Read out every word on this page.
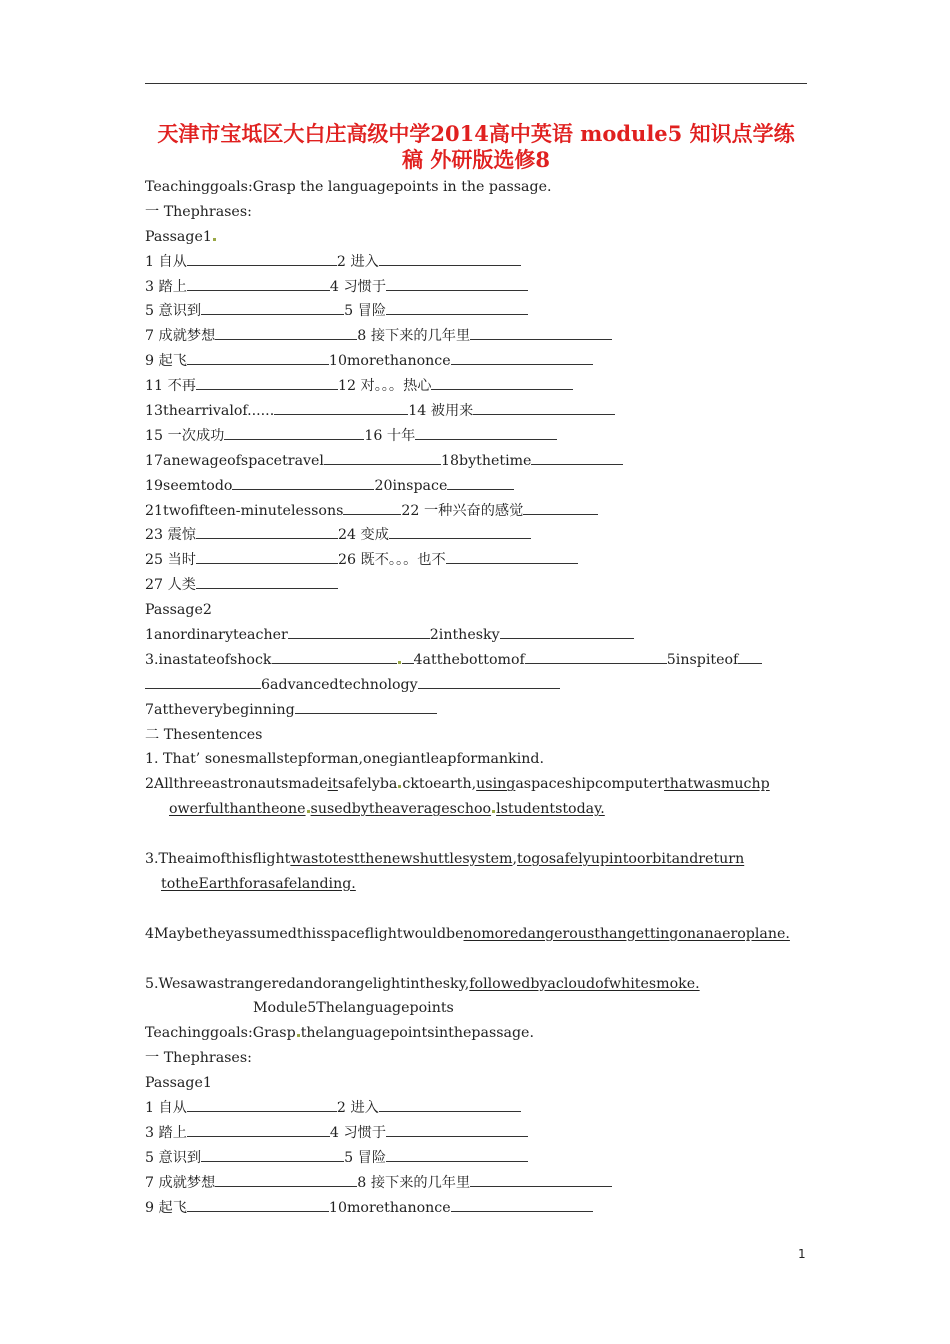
天津市宝坻区大白庄高级中学2014高中英语 module5 知识点学练
稿 外研版选修8
Teachinggoals:Grasp the languagepoints in the passage.
一 Thephrases:
Passage1
1 自从	2 进入
3 踏上	4 习惯于
5 意识到	5 冒险
7 成就梦想	8 接下来的几年里
9 起飞	10morethanonce
11 不再	12 对。。。热心
13thearrivalof......	14 被用来
15 一次成功	16 十年
17anewageofspacetravel	18bythetime
19seemtodo	20inspace
21twofifteen-minutelessons	22 一种兴奋的感觉
23 震惊	24 变成
25 当时	26 既不。。。也不
27 人类
Passage2
1anordinaryteacher	2inthesky
3.inastateofshock	4atthebottomof	5inspiteof
6advancedtechnology
7attheverybeginning
二 Thesentences
1. That’ sonesmallstepforman,onegiantleapformankind.
2Allthreeastronautsmadeitsafelyba cktoearth,usingaspaceshipcomputerthatwasmuchp
owerfulthantheone susedbytheaverageschoo lstudentstoday.
3.Theaimofthisflightwastotestthenewshuttlesystem,togosafelyupintoorbitandreturn
totheEarthforasafelanding.
4Maybetheyassumedthisspaceflightwouldbenomoredangerousthangettingonanaeroplane.
5.Wesawastrangeredandorangelightinthesky,followedbyacloudofwhitesmoke.
Module5Thelanguagepoints
Teachinggoals:Grasp thelanguagepointsinthepassage.
一 Thephrases:
Passage1
1 自从	2 进入
3 踏上	4 习惯于
5 意识到	5 冒险
7 成就梦想	8 接下来的几年里
9 起飞	10morethanonce
1
